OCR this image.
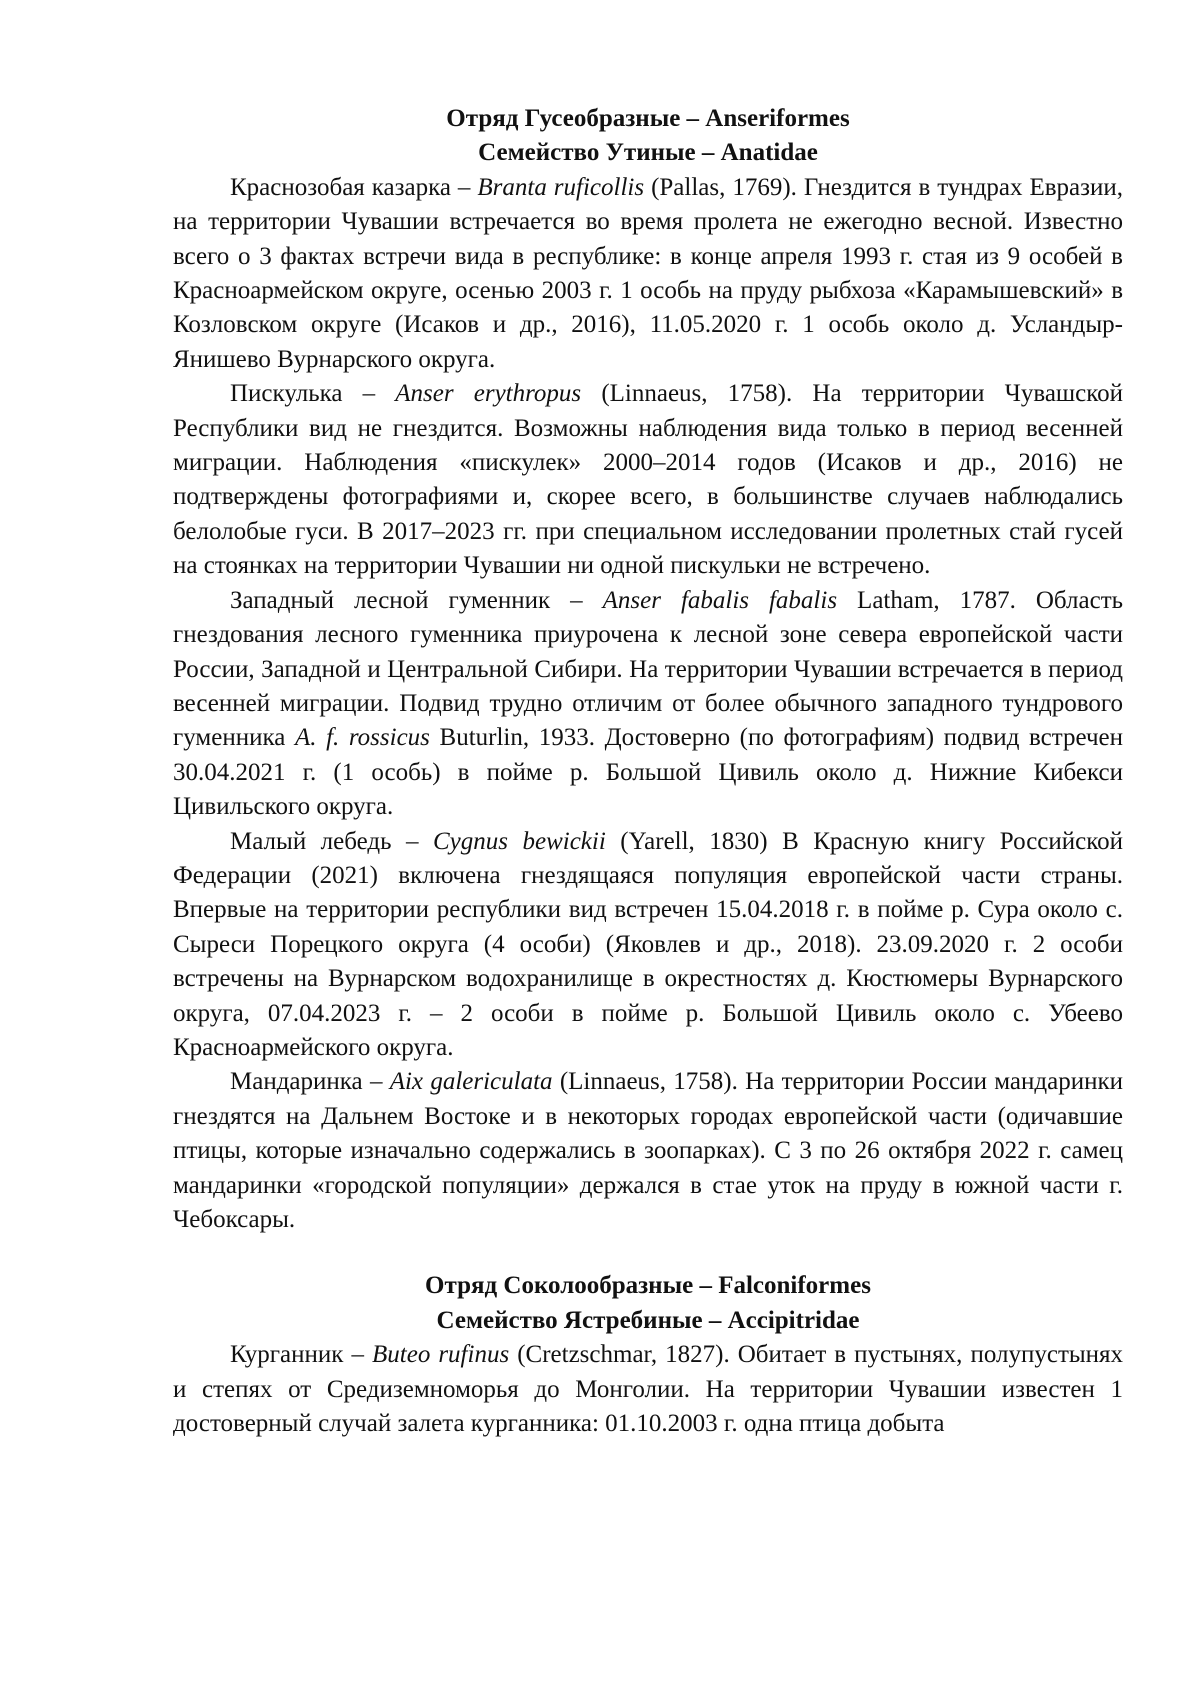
Отряд Гусеобразные – Anseriformes
Семейство Утиные – Anatidae

Краснозобая казарка – Branta ruficollis (Pallas, 1769). Гнездится в тундрах Евразии, на территории Чувашии встречается во время пролета не ежегодно весной. Известно всего о 3 фактах встречи вида в республике: в конце апреля 1993 г. стая из 9 особей в Красноармейском округе, осенью 2003 г. 1 особь на пруду рыбхоза «Карамышевский» в Козловском округе (Исаков и др., 2016), 11.05.2020 г. 1 особь около д. Усландыр-Янишево Вурнарского округа.

Пискулька – Anser erythropus (Linnaeus, 1758). На территории Чувашской Республики вид не гнездится. Возможны наблюдения вида только в период весенней миграции. Наблюдения «пискулек» 2000–2014 годов (Исаков и др., 2016) не подтверждены фотографиями и, скорее всего, в большинстве случаев наблюдались белолобые гуси. В 2017–2023 гг. при специальном исследовании пролетных стай гусей на стоянках на территории Чувашии ни одной пискульки не встречено.

Западный лесной гуменник – Anser fabalis fabalis Latham, 1787. Область гнездования лесного гуменника приурочена к лесной зоне севера европейской части России, Западной и Центральной Сибири. На территории Чувашии встречается в период весенней миграции. Подвид трудно отличим от более обычного западного тундрового гуменника A. f. rossicus Buturlin, 1933. Достоверно (по фотографиям) подвид встречен 30.04.2021 г. (1 особь) в пойме р. Большой Цивиль около д. Нижние Кибекси Цивильского округа.

Малый лебедь – Cygnus bewickii (Yarell, 1830) В Красную книгу Российской Федерации (2021) включена гнездящаяся популяция европейской части страны. Впервые на территории республики вид встречен 15.04.2018 г. в пойме р. Сура около с. Сыреси Порецкого округа (4 особи) (Яковлев и др., 2018). 23.09.2020 г. 2 особи встречены на Вурнарском водохранилище в окрестностях д. Кюстюмеры Вурнарского округа, 07.04.2023 г. – 2 особи в пойме р. Большой Цивиль около с. Убеево Красноармейского округа.

Мандаринка – Aix galericulata (Linnaeus, 1758). На территории России мандаринки гнездятся на Дальнем Востоке и в некоторых городах европейской части (одичавшие птицы, которые изначально содержались в зоопарках). С 3 по 26 октября 2022 г. самец мандаринки «городской популяции» держался в стае уток на пруду в южной части г. Чебоксары.

Отряд Соколообразные – Falconiformes
Семейство Ястребиные – Accipitridae

Курганник – Buteo rufinus (Cretzschmar, 1827). Обитает в пустынях, полупустынях и степях от Средиземноморья до Монголии. На территории Чувашии известен 1 достоверный случай залета курганника: 01.10.2003 г. одна птица добыта
